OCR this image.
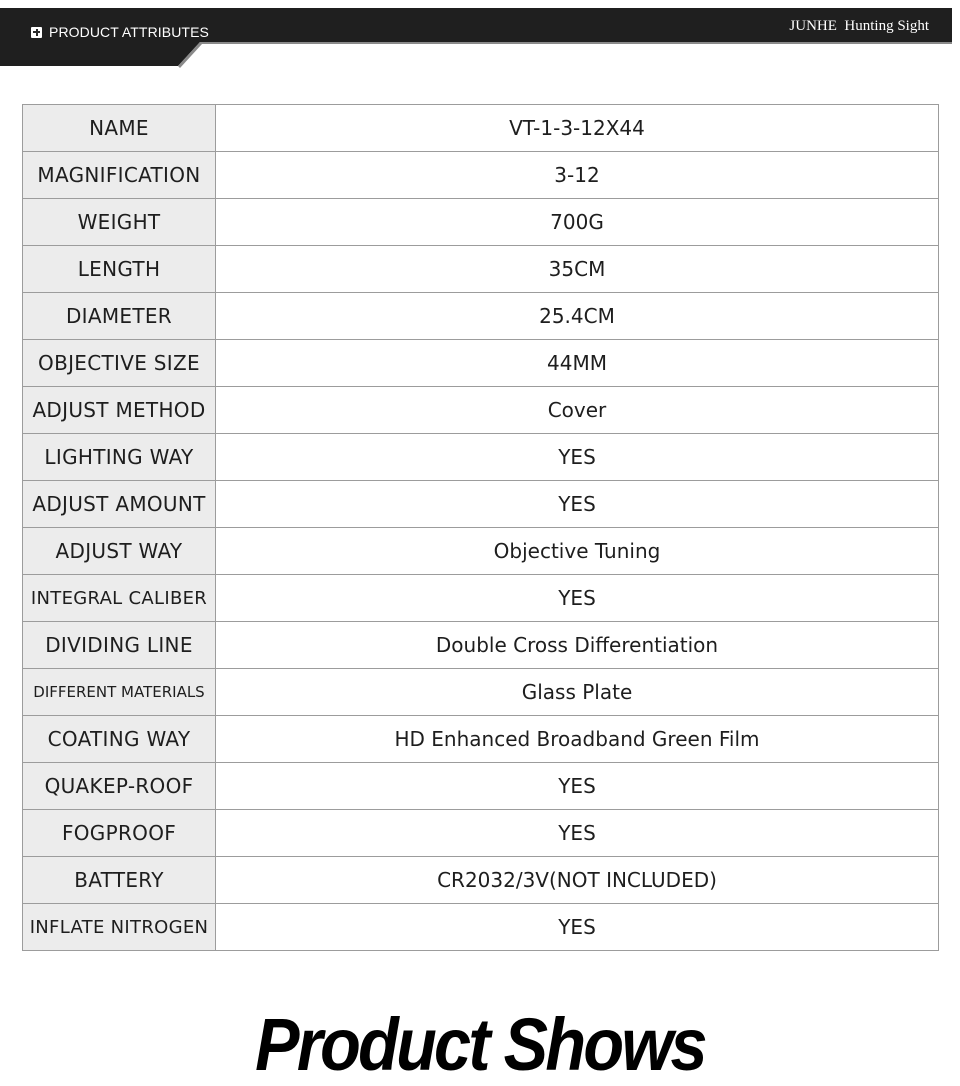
PRODUCT ATTRIBUTES	JUNHE  Hunting Sight
NAME	VT-1-3-12X44
MAGNIFICATION	3-12
WEIGHT	700G
LENGTH	35CM
DIAMETER	25.4CM
OBJECTIVE SIZE	44MM
ADJUST METHOD	Cover
LIGHTING WAY	YES
ADJUST AMOUNT	YES
ADJUST WAY	Objective Tuning
INTEGRAL CALIBER	YES
DIVIDING LINE	Double Cross Differentiation
DIFFERENT MATERIALS	Glass Plate
COATING WAY	HD Enhanced Broadband Green Film
QUAKEP-ROOF	YES
FOGPROOF	YES
BATTERY	CR2032/3V(NOT INCLUDED)
INFLATE NITROGEN	YES
Product Shows
